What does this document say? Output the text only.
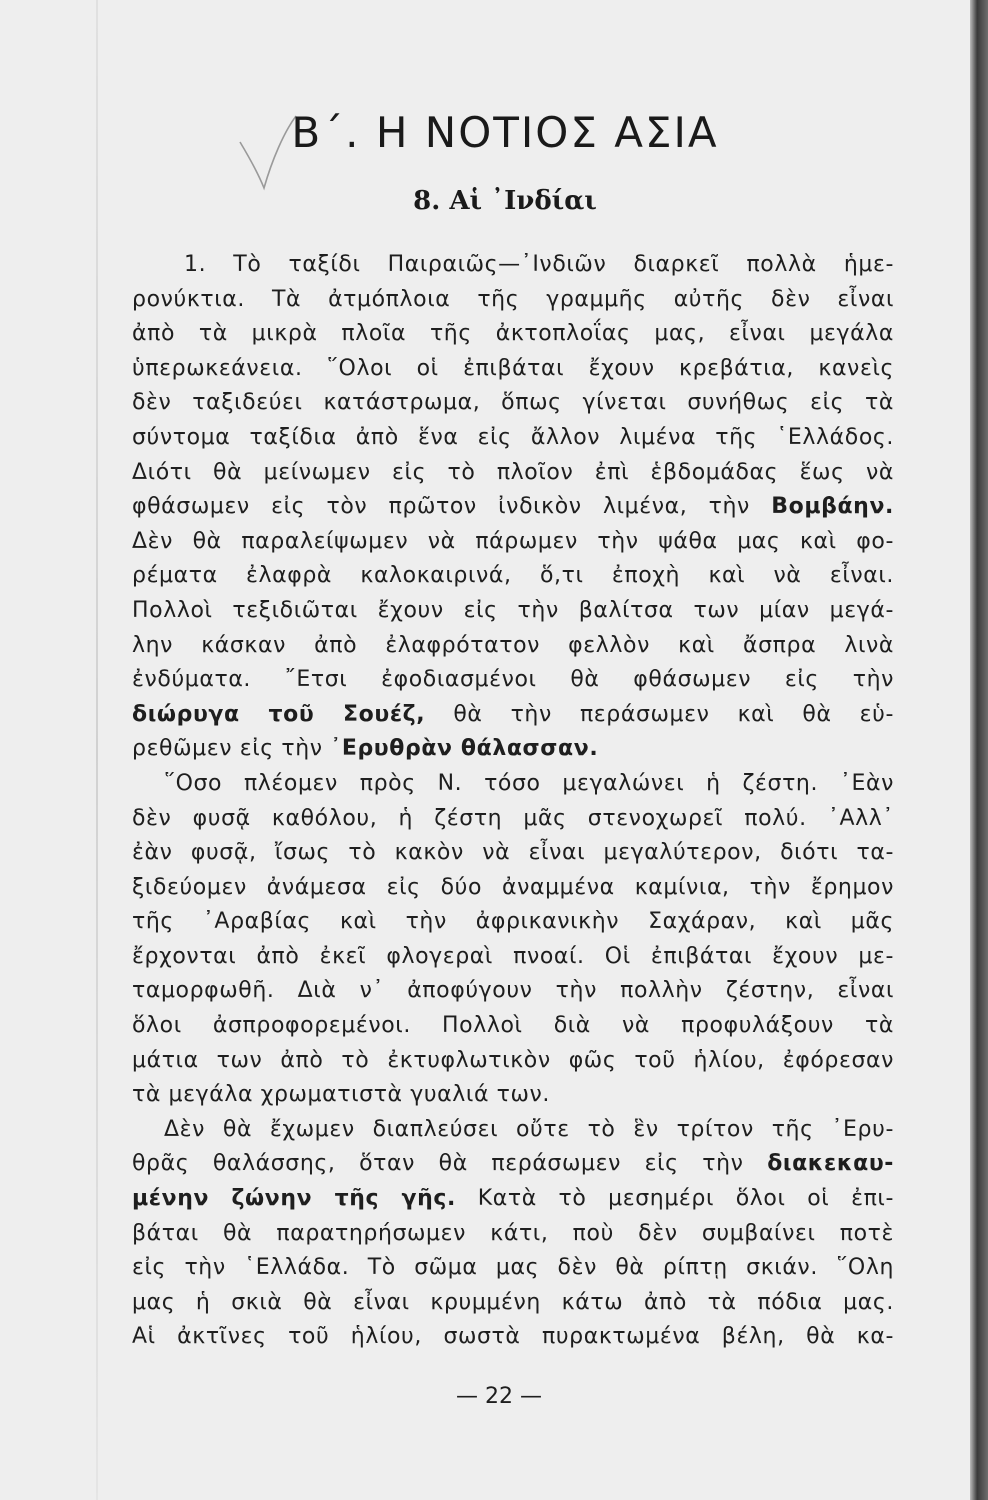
Β΄. Η ΝΟΤΙΟΣ ΑΣΙΑ
8. Αἱ ᾿Ινδίαι
1. Τὸ ταξίδι Παιραιῶς—᾿Ινδιῶν διαρκεῖ πολλὰ ἡμε-
ρονύκτια. Τὰ ἀτμόπλοια τῆς γραμμῆς αὐτῆς δὲν εἶναι
ἀπὸ τὰ μικρὰ πλοῖα τῆς ἀκτοπλοΐας μας, εἶναι μεγάλα
ὑπερωκεάνεια. ῞Ολοι οἱ ἐπιβάται ἔχουν κρεβάτια, κανεὶς
δὲν ταξιδεύει κατάστρωμα, ὅπως γίνεται συνήθως εἰς τὰ
σύντομα ταξίδια ἀπὸ ἕνα εἰς ἄλλον λιμένα τῆς ῾Ελλάδος.
Διότι θὰ μείνωμεν εἰς τὸ πλοῖον ἐπὶ ἑβδομάδας ἕως νὰ
φθάσωμεν εἰς τὸν πρῶτον ἰνδικὸν λιμένα, τὴν Βομβάην.
Δὲν θὰ παραλείψωμεν νὰ πάρωμεν τὴν ψάθα μας καὶ φο-
ρέματα ἐλαφρὰ καλοκαιρινά, ὅ,τι ἐποχὴ καὶ νὰ εἶναι.
Πολλοὶ τεξιδιῶται ἔχουν εἰς τὴν βαλίτσα των μίαν μεγά-
λην κάσκαν ἀπὸ ἐλαφρότατον φελλὸν καὶ ἄσπρα λινὰ
ἐνδύματα. ῎Ετσι ἐφοδιασμένοι θὰ φθάσωμεν εἰς τὴν
διώρυγα τοῦ Σουέζ, θὰ τὴν περάσωμεν καὶ θὰ εὑ-
ρεθῶμεν εἰς τὴν ᾿Ερυθρὰν θάλασσαν.
῞Οσο πλέομεν πρὸς Ν. τόσο μεγαλώνει ἡ ζέστη. ᾿Εὰν
δὲν φυσᾷ καθόλου, ἡ ζέστη μᾶς στενοχωρεῖ πολύ. ᾿Αλλ᾿
ἐὰν φυσᾷ, ἴσως τὸ κακὸν νὰ εἶναι μεγαλύτερον, διότι τα-
ξιδεύομεν ἀνάμεσα εἰς δύο ἀναμμένα καμίνια, τὴν ἔρημον
τῆς ᾿Αραβίας καὶ τὴν ἀφρικανικὴν Σαχάραν, καὶ μᾶς
ἔρχονται ἀπὸ ἐκεῖ φλογεραὶ πνοαί. Οἱ ἐπιβάται ἔχουν με-
ταμορφωθῆ. Διὰ ν᾿ ἀποφύγουν τὴν πολλὴν ζέστην, εἶναι
ὅλοι ἀσπροφορεμένοι. Πολλοὶ διὰ νὰ προφυλάξουν τὰ
μάτια των ἀπὸ τὸ ἐκτυφλωτικὸν φῶς τοῦ ἡλίου, ἐφόρεσαν
τὰ μεγάλα χρωματιστὰ γυαλιά των.
Δὲν θὰ ἔχωμεν διαπλεύσει οὔτε τὸ ἓν τρίτον τῆς ᾿Ερυ-
θρᾶς θαλάσσης, ὅταν θὰ περάσωμεν εἰς τὴν διακεκαυ-
μένην ζώνην τῆς γῆς. Κατὰ τὸ μεσημέρι ὅλοι οἱ ἐπι-
βάται θὰ παρατηρήσωμεν κάτι, ποὺ δὲν συμβαίνει ποτὲ
εἰς τὴν ῾Ελλάδα. Τὸ σῶμα μας δὲν θὰ ρίπτῃ σκιάν. ῞Ολη
μας ἡ σκιὰ θὰ εἶναι κρυμμένη κάτω ἀπὸ τὰ πόδια μας.
Αἱ ἀκτῖνες τοῦ ἡλίου, σωστὰ πυρακτωμένα βέλη, θὰ κα-
— 22 —
